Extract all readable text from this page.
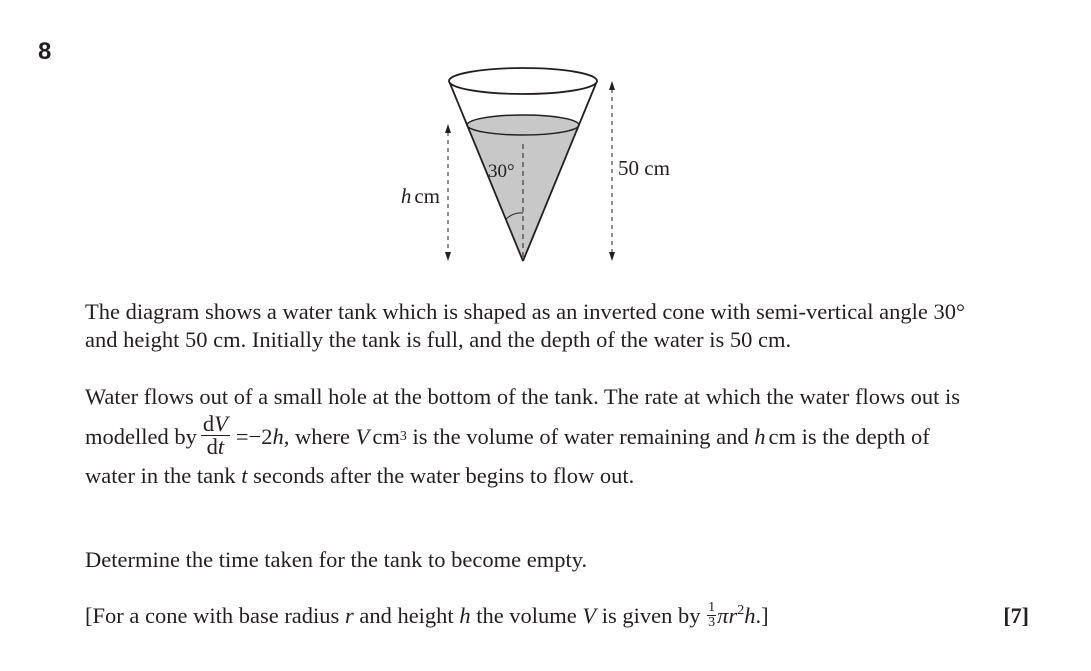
8
30°
h cm
50 cm
The diagram shows a water tank which is shaped as an inverted cone with semi-vertical angle 30°
and height 50 cm. Initially the tank is full, and the depth of the water is 50 cm.
Water flows out of a small hole at the bottom of the tank. The rate at which the water flows out is
modelled by $\frac{dV}{dt} =-2$ h , where
V cm 3
is the volume of water remaining and
h cm is the depth of
water in the tank t seconds after the water begins to flow out.
Determine the time taken for the tank to become empty.
[For a cone with base radius r and height h the volume V is given by $\frac{1}{3} \pi r^2h$.]	[7]
